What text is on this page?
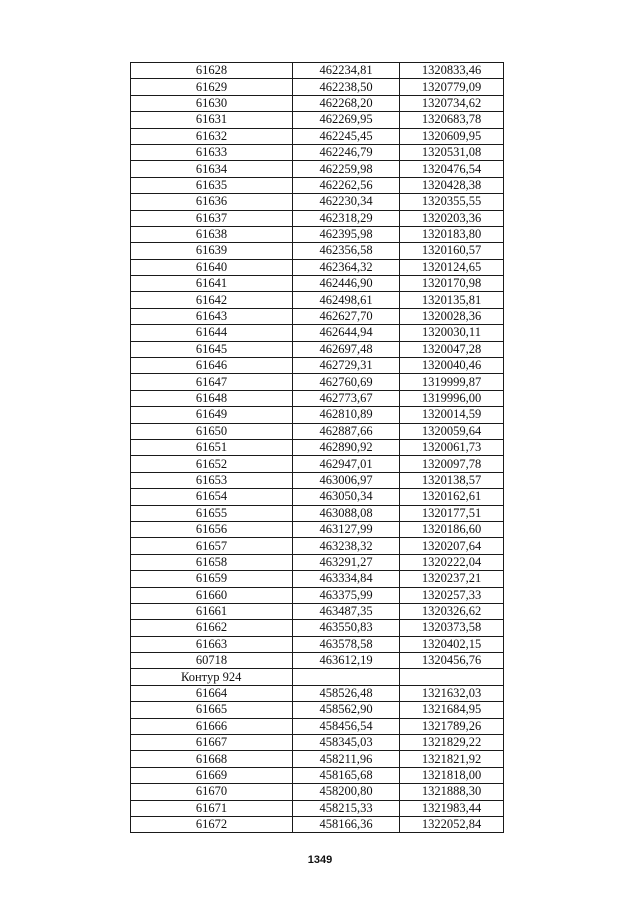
61628	462234,81	1320833,46
61629	462238,50	1320779,09
61630	462268,20	1320734,62
61631	462269,95	1320683,78
61632	462245,45	1320609,95
61633	462246,79	1320531,08
61634	462259,98	1320476,54
61635	462262,56	1320428,38
61636	462230,34	1320355,55
61637	462318,29	1320203,36
61638	462395,98	1320183,80
61639	462356,58	1320160,57
61640	462364,32	1320124,65
61641	462446,90	1320170,98
61642	462498,61	1320135,81
61643	462627,70	1320028,36
61644	462644,94	1320030,11
61645	462697,48	1320047,28
61646	462729,31	1320040,46
61647	462760,69	1319999,87
61648	462773,67	1319996,00
61649	462810,89	1320014,59
61650	462887,66	1320059,64
61651	462890,92	1320061,73
61652	462947,01	1320097,78
61653	463006,97	1320138,57
61654	463050,34	1320162,61
61655	463088,08	1320177,51
61656	463127,99	1320186,60
61657	463238,32	1320207,64
61658	463291,27	1320222,04
61659	463334,84	1320237,21
61660	463375,99	1320257,33
61661	463487,35	1320326,62
61662	463550,83	1320373,58
61663	463578,58	1320402,15
60718	463612,19	1320456,76
Контур 924		
61664	458526,48	1321632,03
61665	458562,90	1321684,95
61666	458456,54	1321789,26
61667	458345,03	1321829,22
61668	458211,96	1321821,92
61669	458165,68	1321818,00
61670	458200,80	1321888,30
61671	458215,33	1321983,44
61672	458166,36	1322052,84
1349
